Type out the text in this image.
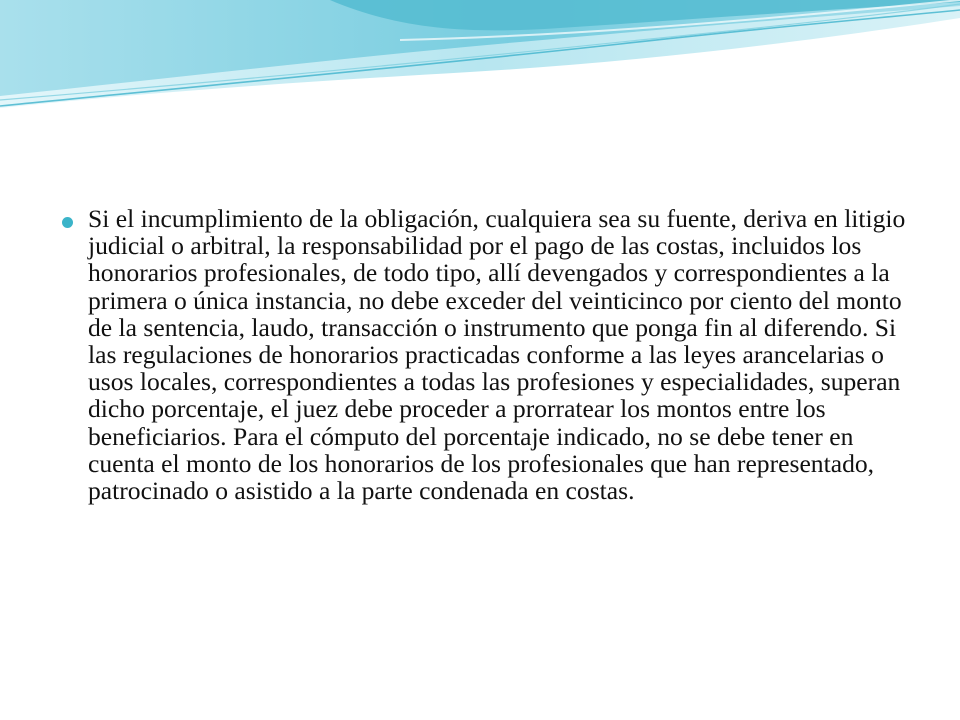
Si el incumplimiento de la obligación, cualquiera sea su fuente, deriva en litigio judicial o arbitral, la responsabilidad por el pago de las costas, incluidos los honorarios profesionales, de todo tipo, allí devengados y correspondientes a la primera o única instancia, no debe exceder del veinticinco por ciento del monto de la sentencia, laudo, transacción o instrumento que ponga fin al diferendo. Si las regulaciones de honorarios practicadas conforme a las leyes arancelarias o usos locales, correspondientes a todas las profesiones y especialidades, superan dicho porcentaje, el juez debe proceder a prorratear los montos entre los beneficiarios. Para el cómputo del porcentaje indicado, no se debe tener en cuenta el monto de los honorarios de los profesionales que han representado, patrocinado o asistido a la parte condenada en costas.
